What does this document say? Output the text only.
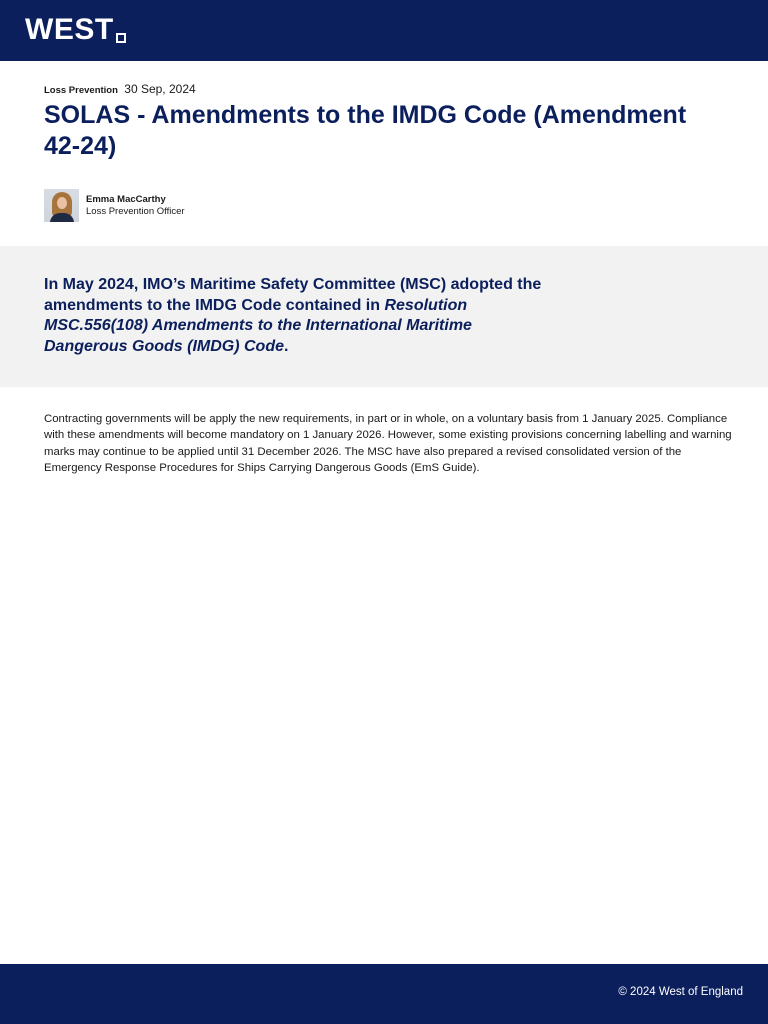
WEST
Loss Prevention 30 Sep, 2024
SOLAS - Amendments to the IMDG Code (Amendment 42-24)
Emma MacCarthy
Loss Prevention Officer

In May 2024, IMO’s Maritime Safety Committee (MSC) adopted the amendments to the IMDG Code contained in Resolution MSC.556(108) Amendments to the International Maritime Dangerous Goods (IMDG) Code.

Contracting governments will be apply the new requirements, in part or in whole, on a voluntary basis from 1 January 2025. Compliance with these amendments will become mandatory on 1 January 2026. However, some existing provisions concerning labelling and warning marks may continue to be applied until 31 December 2026. The MSC have also prepared a revised consolidated version of the Emergency Response Procedures for Ships Carrying Dangerous Goods (EmS Guide).

© 2024 West of England
